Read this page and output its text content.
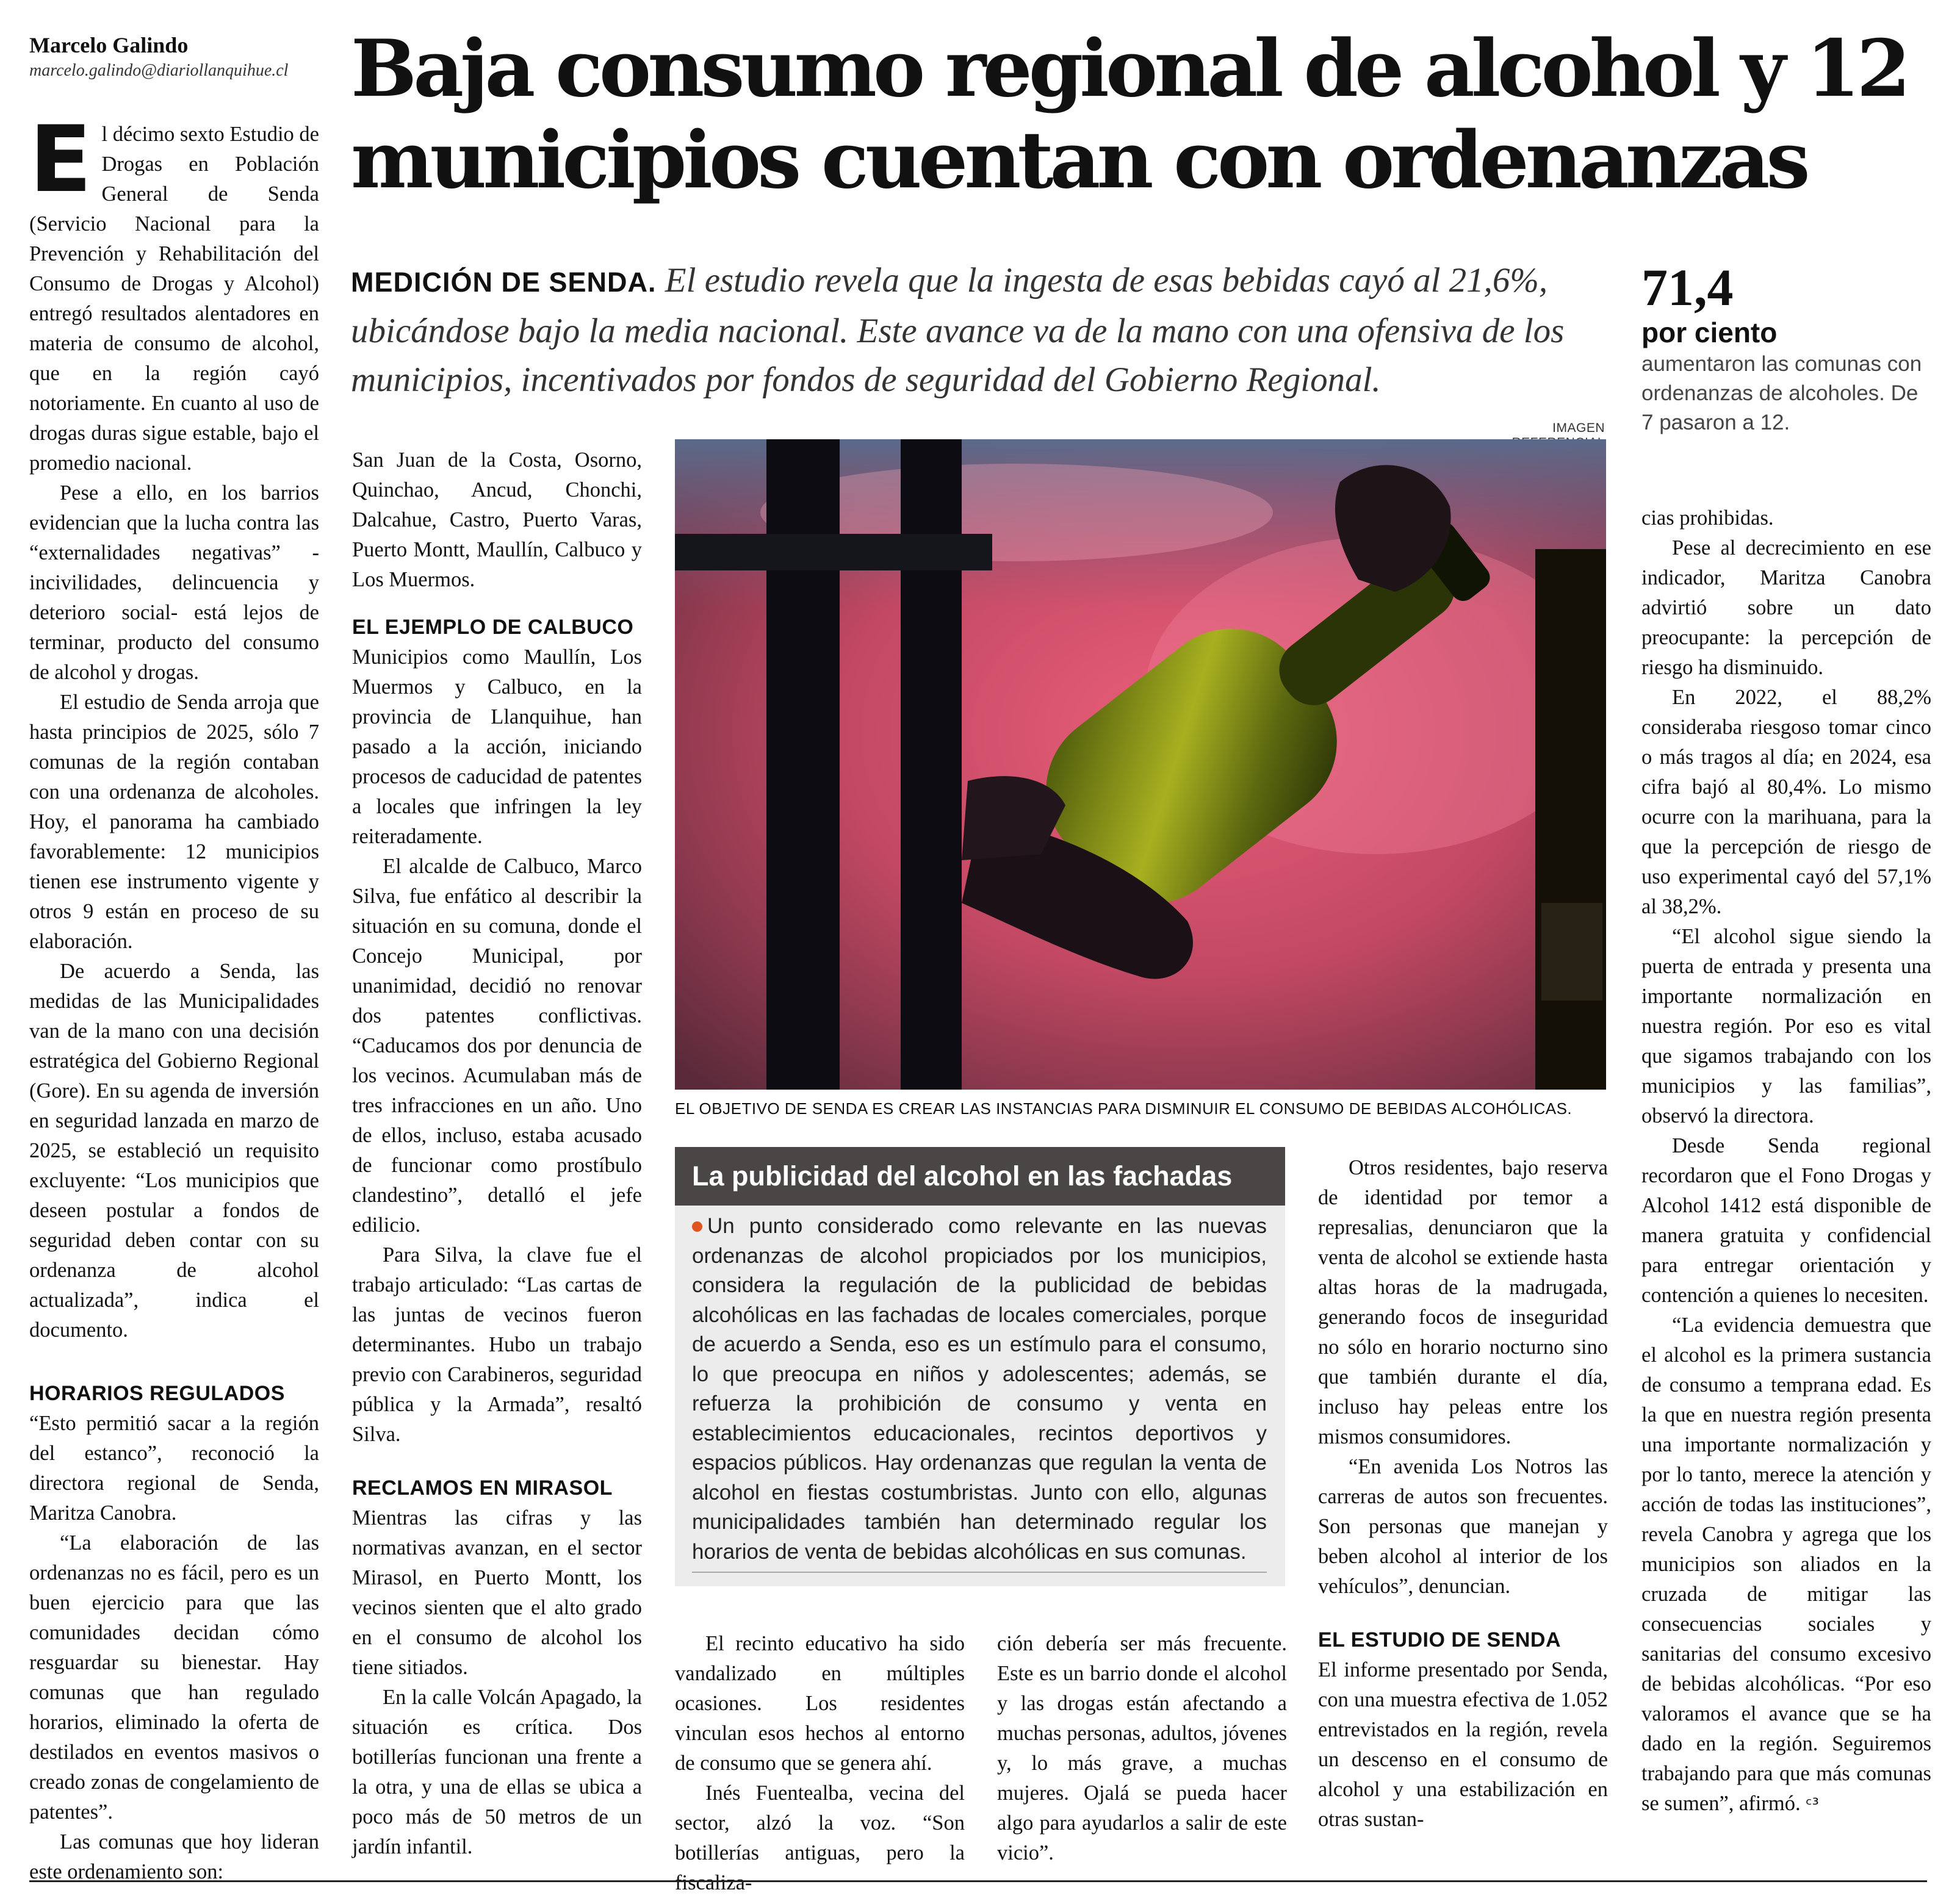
Marcelo Galindo
marcelo.galindo@diariollanquihue.cl Baja consumo regional de alcohol y 12 municipios cuentan con ordenanzas
MEDICIÓN DE SENDA. El estudio revela que la ingesta de esas bebidas cayó al 21,6%, ubicándose bajo la media nacional. Este avance va de la mano con una ofensiva de los municipios, incentivados por fondos de seguridad del Gobierno Regional.
71,4
por ciento
aumentaron las comunas con ordenanzas de alcoholes. De 7 pasaron a 12.
E l décimo sexto Estudio de Drogas en Población General de Senda (Servicio Nacional para la Prevención y Rehabilitación del Consumo de Drogas y Alcohol) entregó resultados alentadores en materia de consumo de alcohol, que en la región cayó notoriamente. En cuanto al uso de drogas duras sigue estable, bajo el promedio nacional.

Pese a ello, en los barrios evidencian que la lucha contra las “externalidades negativas” -incivilidades, delincuencia y deterioro social- está lejos de terminar, producto del consumo de alcohol y drogas.

El estudio de Senda arroja que hasta principios de 2025, sólo 7 comunas de la región contaban con una ordenanza de alcoholes. Hoy, el panorama ha cambiado favorablemente: 12 municipios tienen ese instrumento vigente y otros 9 están en proceso de su elaboración.

De acuerdo a Senda, las medidas de las Municipalidades van de la mano con una decisión estratégica del Gobierno Regional (Gore). En su agenda de inversión en seguridad lanzada en marzo de 2025, se estableció un requisito excluyente: “Los municipios que deseen postular a fondos de seguridad deben contar con su ordenanza de alcohol actualizada”, indica el documento.

HORARIOS REGULADOS

“Esto permitió sacar a la región del estanco”, reconoció la directora regional de Senda, Maritza Canobra.

“La elaboración de las ordenanzas no es fácil, pero es un buen ejercicio para que las comunidades decidan cómo resguardar su bienestar. Hay comunas que han regulado horarios, eliminado la oferta de destilados en eventos masivos o creado zonas de congelamiento de patentes”.

Las comunas que hoy lideran este ordenamiento son:

San Juan de la Costa, Osorno, Quinchao, Ancud, Chonchi, Dalcahue, Castro, Puerto Varas, Puerto Montt, Maullín, Calbuco y Los Muermos.

EL EJEMPLO DE CALBUCO

Municipios como Maullín, Los Muermos y Calbuco, en la provincia de Llanquihue, han pasado a la acción, iniciando procesos de caducidad de patentes a locales que infringen la ley reiteradamente.

El alcalde de Calbuco, Marco Silva, fue enfático al describir la situación en su comuna, donde el Concejo Municipal, por unanimidad, decidió no renovar dos patentes conflictivas. “Caducamos dos por denuncia de los vecinos. Acumulaban más de tres infracciones en un año. Uno de ellos, incluso, estaba acusado de funcionar como prostíbulo clandestino”, detalló el jefe edilicio.

Para Silva, la clave fue el trabajo articulado: “Las cartas de las juntas de vecinos fueron determinantes. Hubo un trabajo previo con Carabineros, seguridad pública y la Armada”, resaltó Silva.

RECLAMOS EN MIRASOL

Mientras las cifras y las normativas avanzan, en el sector Mirasol, en Puerto Montt, los vecinos sienten que el alto grado en el consumo de alcohol los tiene sitiados.

En la calle Volcán Apagado, la situación es crítica. Dos botillerías funcionan una frente a la otra, y una de ellas se ubica a poco más de 50 metros de un jardín infantil.

IMAGEN
EL OBJETIVO DE SENDA ES CREAR LAS INSTANCIAS PARA DISMINUIR EL CONSUMO DE BEBIDAS ALCOHÓLICAS.
La publicidad del alcohol en las fachadas
Un punto considerado como relevante en las nuevas ordenanzas de alcohol propiciados por los municipios, considera la regulación de la publicidad de bebidas alcohólicas en las fachadas de locales comerciales, porque de acuerdo a Senda, eso es un estímulo para el consumo, lo que preocupa en niños y adolescentes; además, se refuerza la prohibición de consumo y venta en establecimientos educacionales, recintos deportivos y espacios públicos. Hay ordenanzas que regulan la venta de alcohol en fiestas costumbristas. Junto con ello, algunas municipalidades también han determinado regular los horarios de venta de bebidas alcohólicas en sus comunas.

El recinto educativo ha sido vandalizado en múltiples ocasiones. Los residentes vinculan esos hechos al entorno de consumo que se genera ahí.

Inés Fuentealba, vecina del sector, alzó la voz. “Son botillerías antiguas, pero la fiscaliza-

ción debería ser más frecuente. Este es un barrio donde el alcohol y las drogas están afectando a muchas personas, adultos, jóvenes y, lo más grave, a muchas mujeres. Ojalá se pueda hacer algo para ayudarlos a salir de este vicio”.

Otros residentes, bajo reserva de identidad por temor a represalias, denunciaron que la venta de alcohol se extiende hasta altas horas de la madrugada, generando focos de inseguridad no sólo en horario nocturno sino que también durante el día, incluso hay peleas entre los mismos consumidores.

“En avenida Los Notros las carreras de autos son frecuentes. Son personas que manejan y beben alcohol al interior de los vehículos”, denuncian.

EL ESTUDIO DE SENDA

El informe presentado por Senda, con una muestra efectiva de 1.052 entrevistados en la región, revela un descenso en el consumo de alcohol y una estabilización en otras sustan-

cias prohibidas.

Pese al decrecimiento en ese indicador, Maritza Canobra advirtió sobre un dato preocupante: la percepción de riesgo ha disminuido.

En 2022, el 88,2% consideraba riesgoso tomar cinco o más tragos al día; en 2024, esa cifra bajó al 80,4%. Lo mismo ocurre con la marihuana, para la que la percepción de riesgo de uso experimental cayó del 57,1% al 38,2%.

“El alcohol sigue siendo la puerta de entrada y presenta una importante normalización en nuestra región. Por eso es vital que sigamos trabajando con los municipios y las familias”, observó la directora.

Desde Senda regional recordaron que el Fono Drogas y Alcohol 1412 está disponible de manera gratuita y confidencial para entregar orientación y contención a quienes lo necesiten.

“La evidencia demuestra que el alcohol es la primera sustancia de consumo a temprana edad. Es la que en nuestra región presenta una importante normalización y por lo tanto, merece la atención y acción de todas las instituciones”, revela Canobra y agrega que los municipios son aliados en la cruzada de mitigar las consecuencias sociales y sanitarias del consumo excesivo de bebidas alcohólicas. “Por eso valoramos el avance que se ha dado en la región. Seguiremos trabajando para que más comunas se sumen”, afirmó. ᶜ³
